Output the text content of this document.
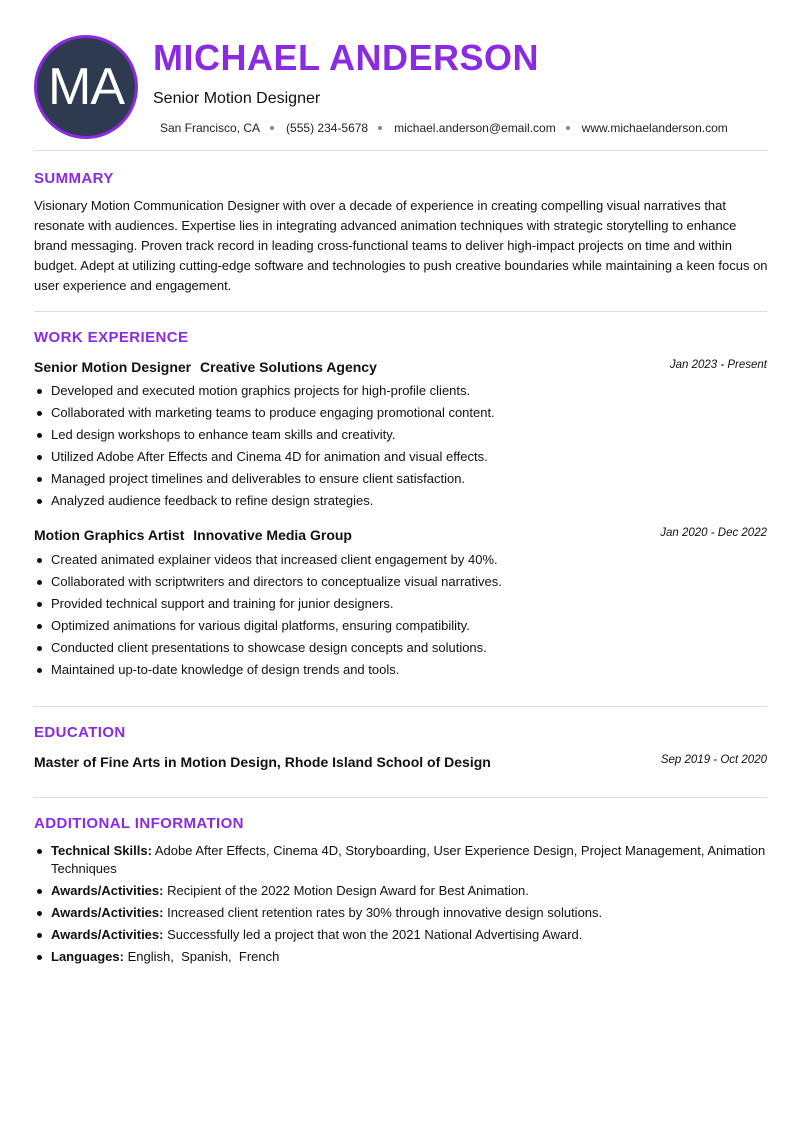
MA
MICHAEL ANDERSON
Senior Motion Designer
San Francisco, CA (555) 234-5678 michael.anderson@email.com www.michaelanderson.com
SUMMARY

Visionary Motion Communication Designer with over a decade of experience in creating compelling visual narratives that resonate with audiences. Expertise lies in integrating advanced animation techniques with strategic storytelling to enhance brand messaging. Proven track record in leading cross-functional teams to deliver high-impact projects on time and within budget. Adept at utilizing cutting-edge software and technologies to push creative boundaries while maintaining a keen focus on user experience and engagement.

WORK EXPERIENCE
Senior Motion Designer Creative Solutions Agency	Jan 2023 - Present
Developed and executed motion graphics projects for high-profile clients.
Collaborated with marketing teams to produce engaging promotional content.
Led design workshops to enhance team skills and creativity.
Utilized Adobe After Effects and Cinema 4D for animation and visual effects.
Managed project timelines and deliverables to ensure client satisfaction.
Analyzed audience feedback to refine design strategies.
Motion Graphics Artist Innovative Media Group	Jan 2020 - Dec 2022
Created animated explainer videos that increased client engagement by 40%.
Collaborated with scriptwriters and directors to conceptualize visual narratives.
Provided technical support and training for junior designers.
Optimized animations for various digital platforms, ensuring compatibility.
Conducted client presentations to showcase design concepts and solutions.
Maintained up-to-date knowledge of design trends and tools.
EDUCATION
Master of Fine Arts in Motion Design, Rhode Island School of Design	Sep 2019 - Oct 2020
ADDITIONAL INFORMATION
Technical Skills: Adobe After Effects, Cinema 4D, Storyboarding, User Experience Design, Project Management, Animation Techniques
Awards/Activities: Recipient of the 2022 Motion Design Award for Best Animation.
Awards/Activities: Increased client retention rates by 30% through innovative design solutions.
Awards/Activities: Successfully led a project that won the 2021 National Advertising Award.
Languages: English,  Spanish,  French
